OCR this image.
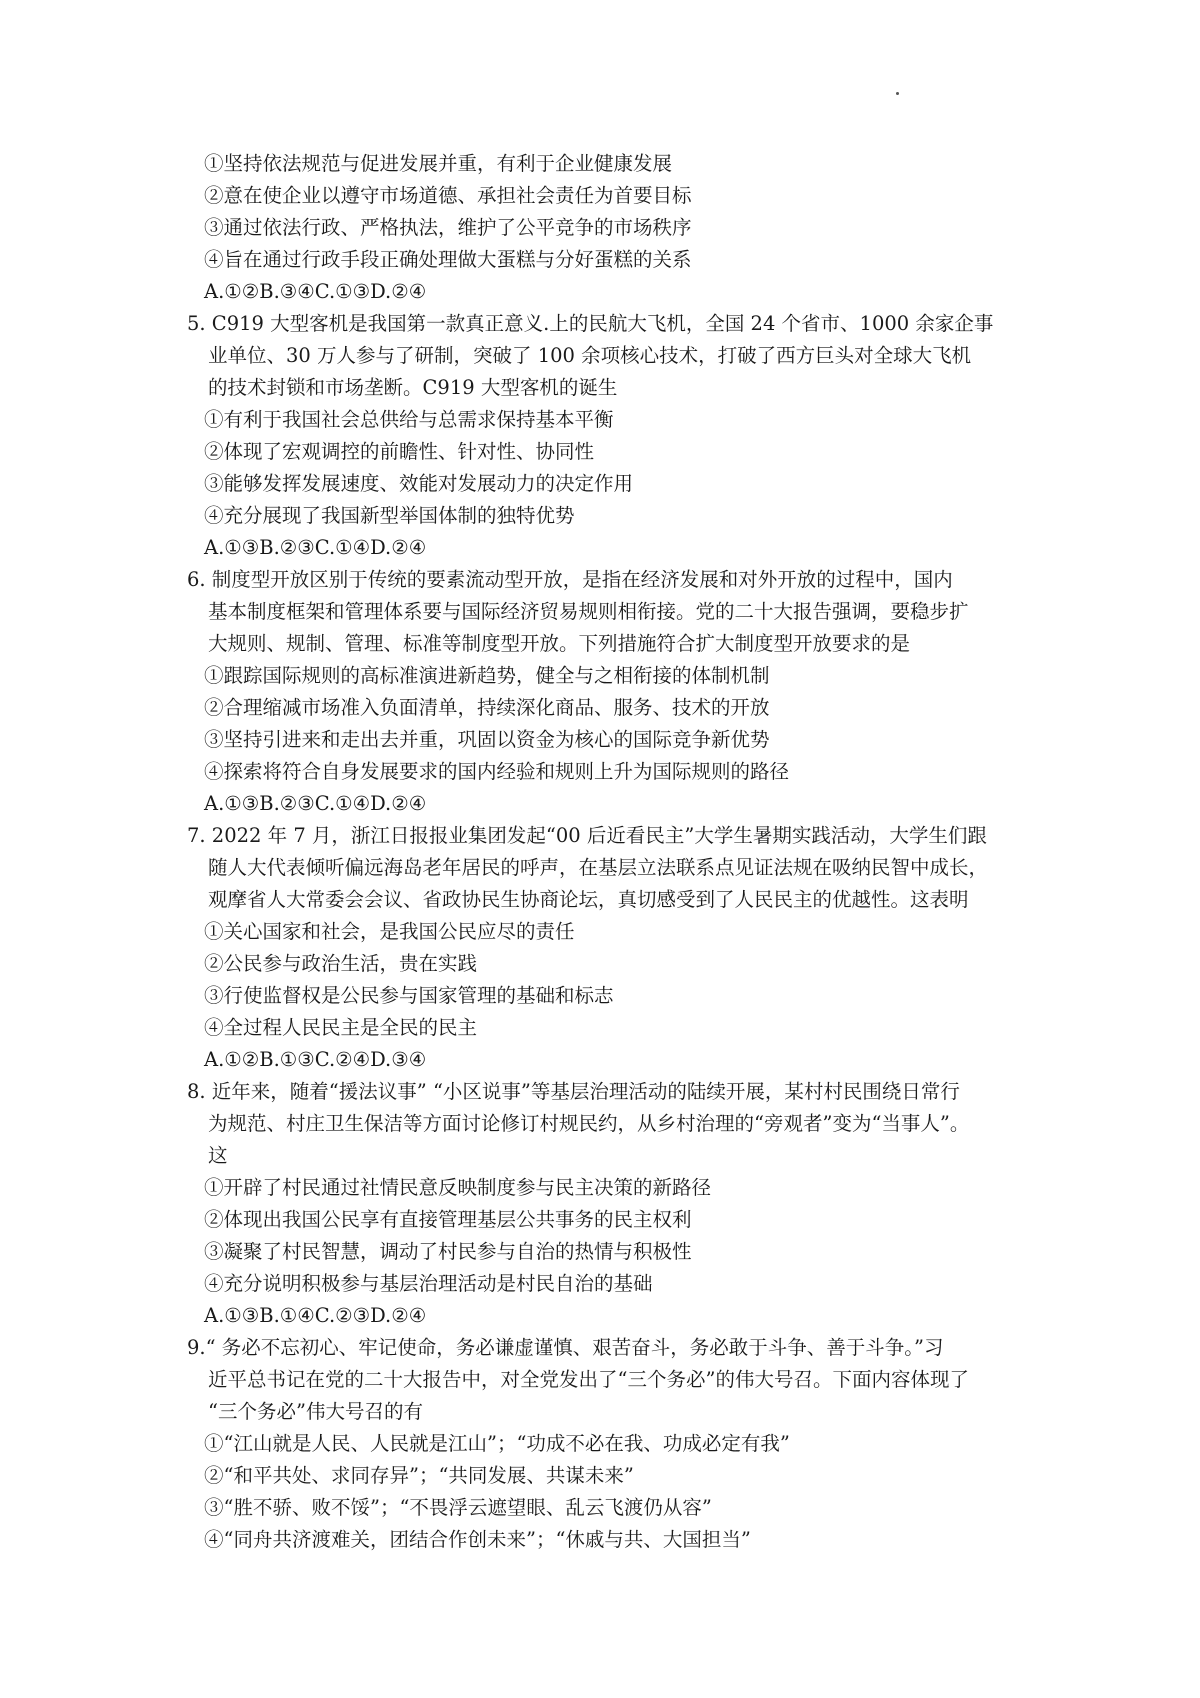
①坚持依法规范与促进发展并重，有利于企业健康发展
②意在使企业以遵守市场道德、承担社会责任为首要目标
③通过依法行政、严格执法，维护了公平竞争的市场秩序
④旨在通过行政手段正确处理做大蛋糕与分好蛋糕的关系
A.①②B.③④C.①③D.②④
5. C919 大型客机是我国第一款真正意义.上的民航大飞机，全国 24 个省市、1000 余家企事
业单位、30 万人参与了研制，突破了 100 余项核心技术，打破了西方巨头对全球大飞机
的技术封锁和市场垄断。C919 大型客机的诞生
①有利于我国社会总供给与总需求保持基本平衡
②体现了宏观调控的前瞻性、针对性、协同性
③能够发挥发展速度、效能对发展动力的决定作用
④充分展现了我国新型举国体制的独特优势
A.①③B.②③C.①④D.②④
6. 制度型开放区别于传统的要素流动型开放，是指在经济发展和对外开放的过程中，国内
基本制度框架和管理体系要与国际经济贸易规则相衔接。党的二十大报告强调，要稳步扩
大规则、规制、管理、标准等制度型开放。下列措施符合扩大制度型开放要求的是
①跟踪国际规则的高标准演进新趋势，健全与之相衔接的体制机制
②合理缩减市场准入负面清单，持续深化商品、服务、技术的开放
③坚持引进来和走出去并重，巩固以资金为核心的国际竞争新优势
④探索将符合自身发展要求的国内经验和规则上升为国际规则的路径
A.①③B.②③C.①④D.②④
7. 2022 年 7 月，浙江日报报业集团发起“00 后近看民主”大学生暑期实践活动，大学生们跟
随人大代表倾听偏远海岛老年居民的呼声，在基层立法联系点见证法规在吸纳民智中成长，
观摩省人大常委会会议、省政协民生协商论坛，真切感受到了人民民主的优越性。这表明
①关心国家和社会，是我国公民应尽的责任
②公民参与政治生活，贵在实践
③行使监督权是公民参与国家管理的基础和标志
④全过程人民民主是全民的民主
A.①②B.①③C.②④D.③④
8. 近年来，随着“援法议事” “小区说事”等基层治理活动的陆续开展，某村村民围绕日常行
为规范、村庄卫生保洁等方面讨论修订村规民约，从乡村治理的“旁观者”变为“当事人”。
这
①开辟了村民通过社情民意反映制度参与民主决策的新路径
②体现出我国公民享有直接管理基层公共事务的民主权利
③凝聚了村民智慧，调动了村民参与自治的热情与积极性
④充分说明积极参与基层治理活动是村民自治的基础
A.①③B.①④C.②③D.②④
9.“ 务必不忘初心、牢记使命，务必谦虚谨慎、艰苦奋斗，务必敢于斗争、善于斗争。”习
近平总书记在党的二十大报告中，对全党发出了“三个务必”的伟大号召。下面内容体现了
“三个务必”伟大号召的有
①“江山就是人民、人民就是江山”；“功成不必在我、功成必定有我”
②“和平共处、求同存异”；“共同发展、共谋未来”
③“胜不骄、败不馁”；“不畏浮云遮望眼、乱云飞渡仍从容”
④“同舟共济渡难关，团结合作创未来”；“休戚与共、大国担当”
